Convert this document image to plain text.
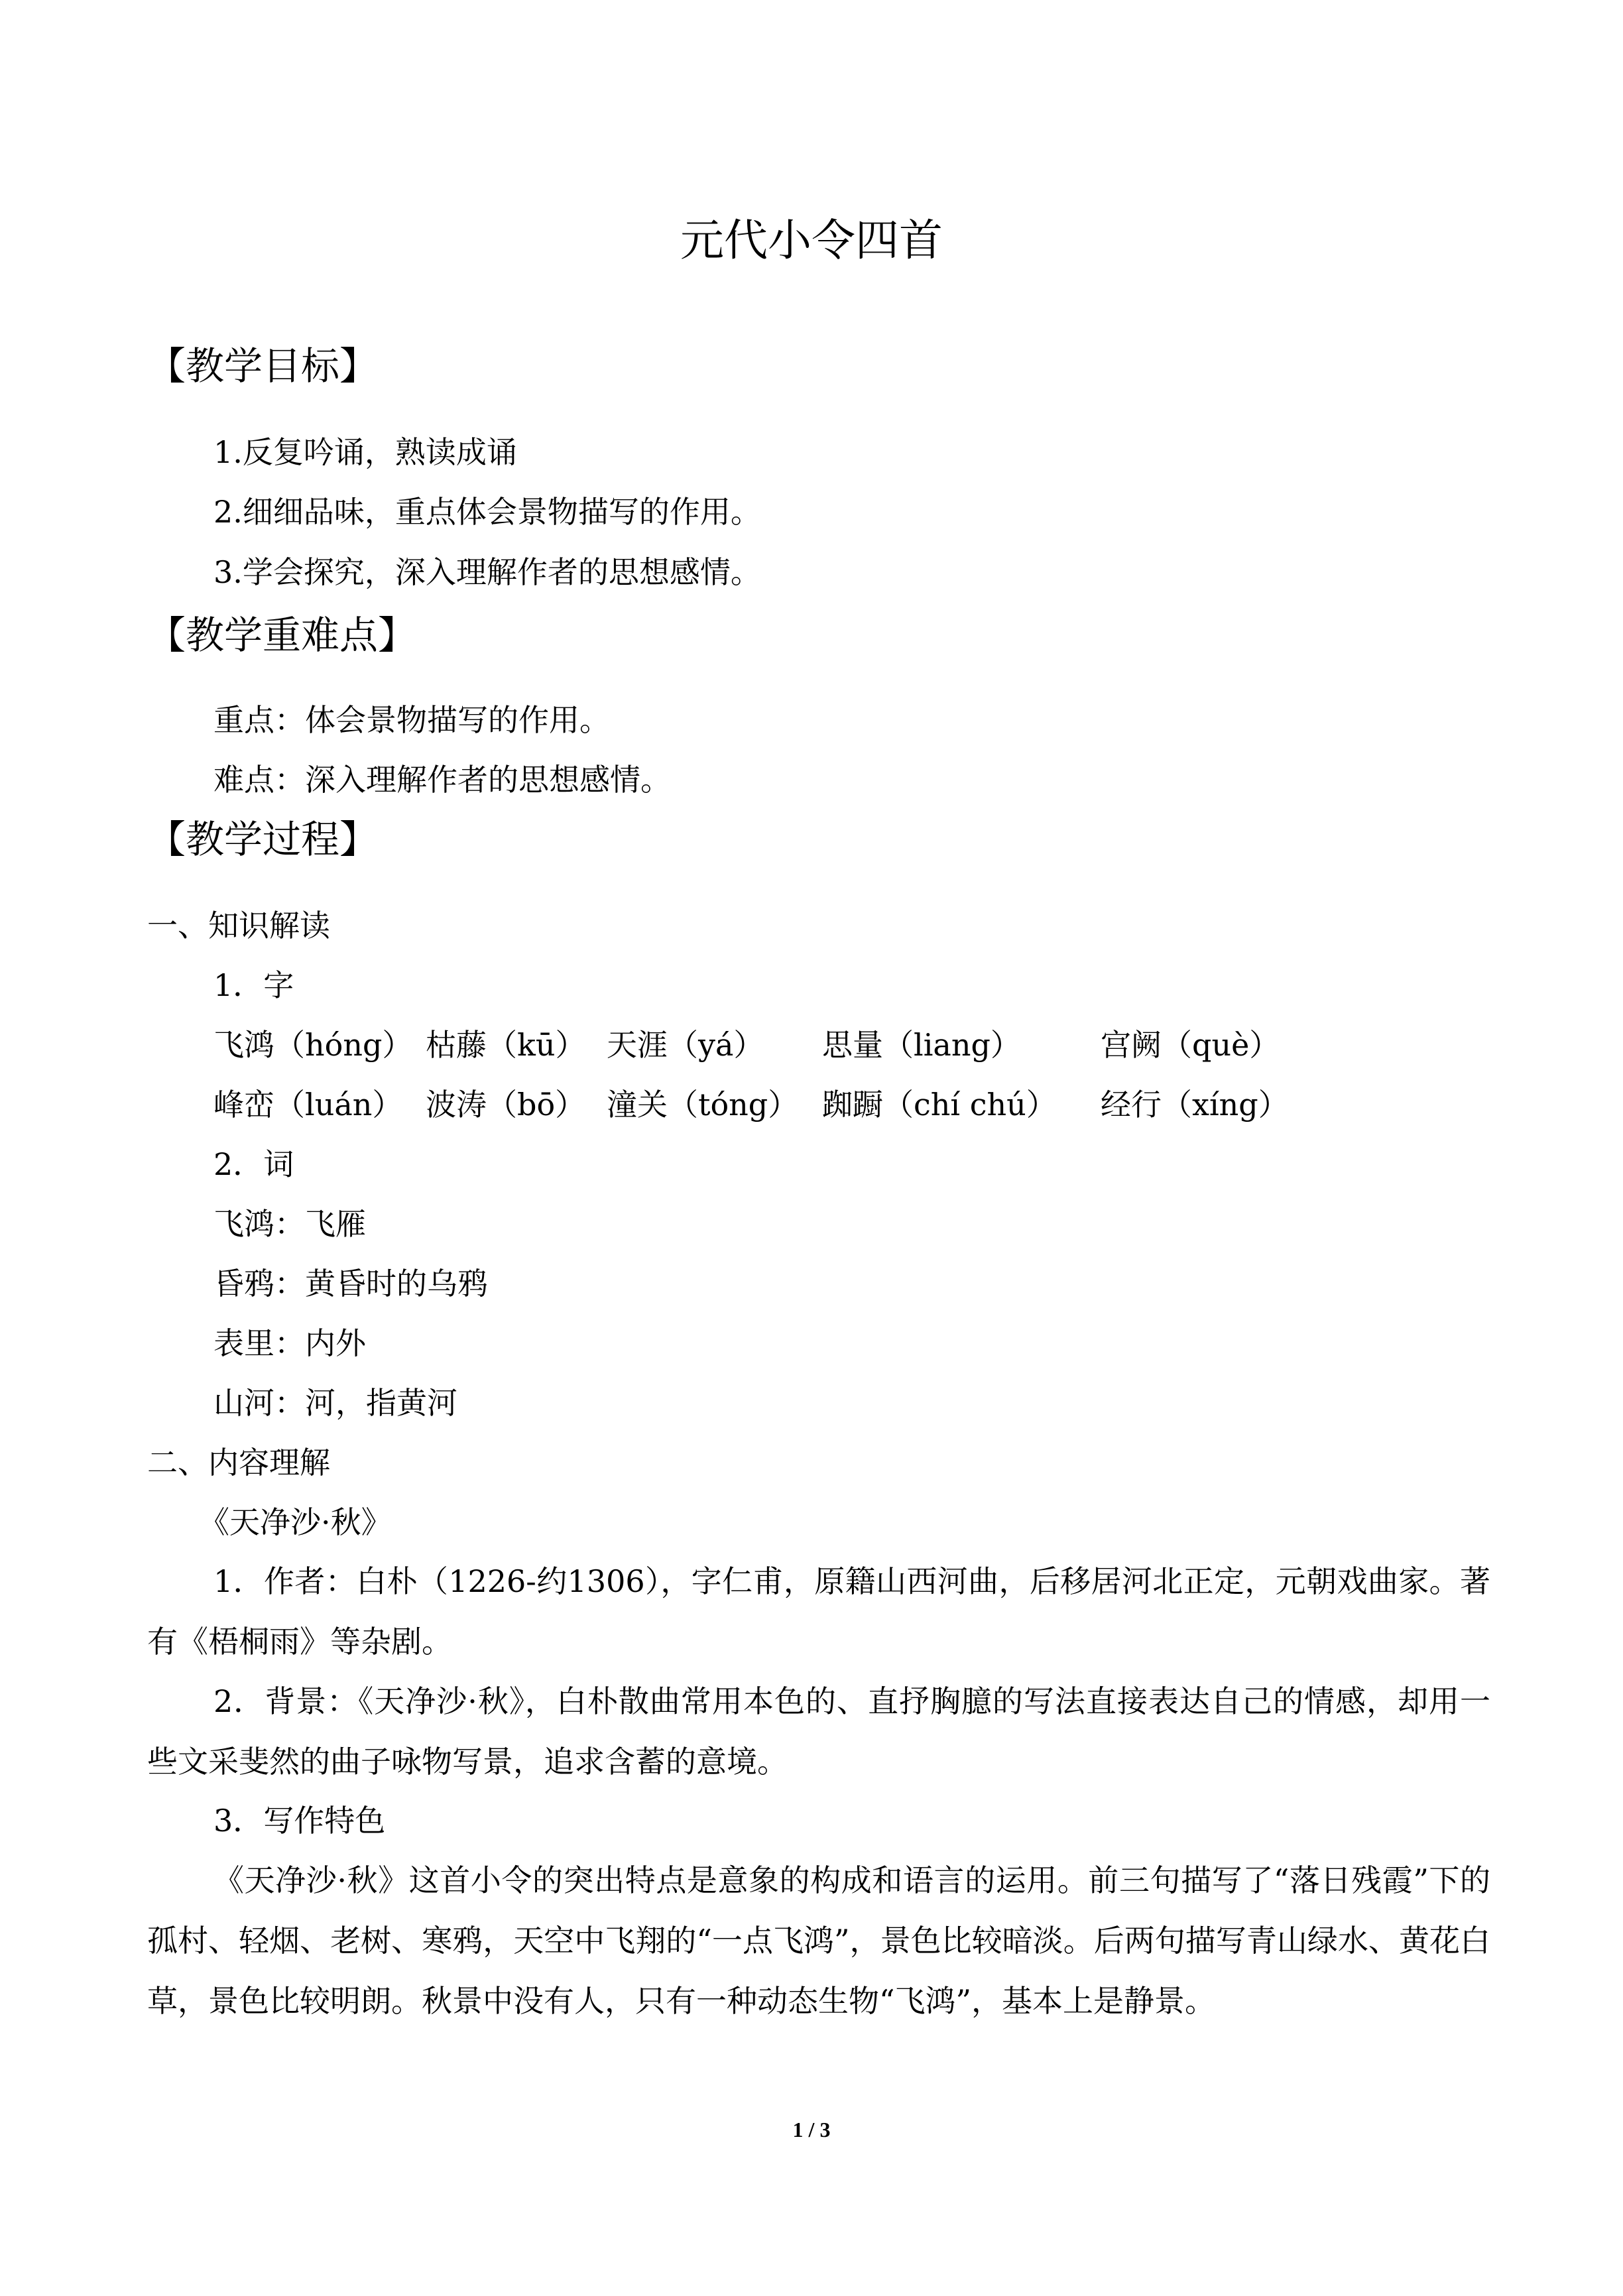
元代小令四首
【教学目标】
1.反复吟诵，熟读成诵
2.细细品味，重点体会景物描写的作用。
3.学会探究，深入理解作者的思想感情。
【教学重难点】
重点：体会景物描写的作用。
难点：深入理解作者的思想感情。
【教学过程】
一、知识解读
1．字
飞鸿（hóng） 枯藤（kū） 天涯（yá） 思量（liang）	宫阙（què）
峰峦（luán） 波涛（bō） 潼关（tóng） 踟蹰（chí chú） 经行（xíng）
2．词
飞鸿：飞雁
昏鸦：黄昏时的乌鸦
表里：内外
山河：河，指黄河
二、内容理解
《天净沙·秋》
1．作者：白朴（1226-约1306），字仁甫，原籍山西河曲，后移居河北正定，元朝戏曲家。著有《梧桐雨》等杂剧。
2．背景：《天净沙·秋》，白朴散曲常用本色的、直抒胸臆的写法直接表达自己的情感，却用一些文采斐然的曲子咏物写景，追求含蓄的意境。
3．写作特色
《天净沙·秋》这首小令的突出特点是意象的构成和语言的运用。前三句描写了“落日残霞”下的孤村、轻烟、老树、寒鸦，天空中飞翔的“一点飞鸿”，景色比较暗淡。后两句描写青山绿水、黄花白草，景色比较明朗。秋景中没有人，只有一种动态生物“飞鸿”，基本上是静景。
1 / 3
